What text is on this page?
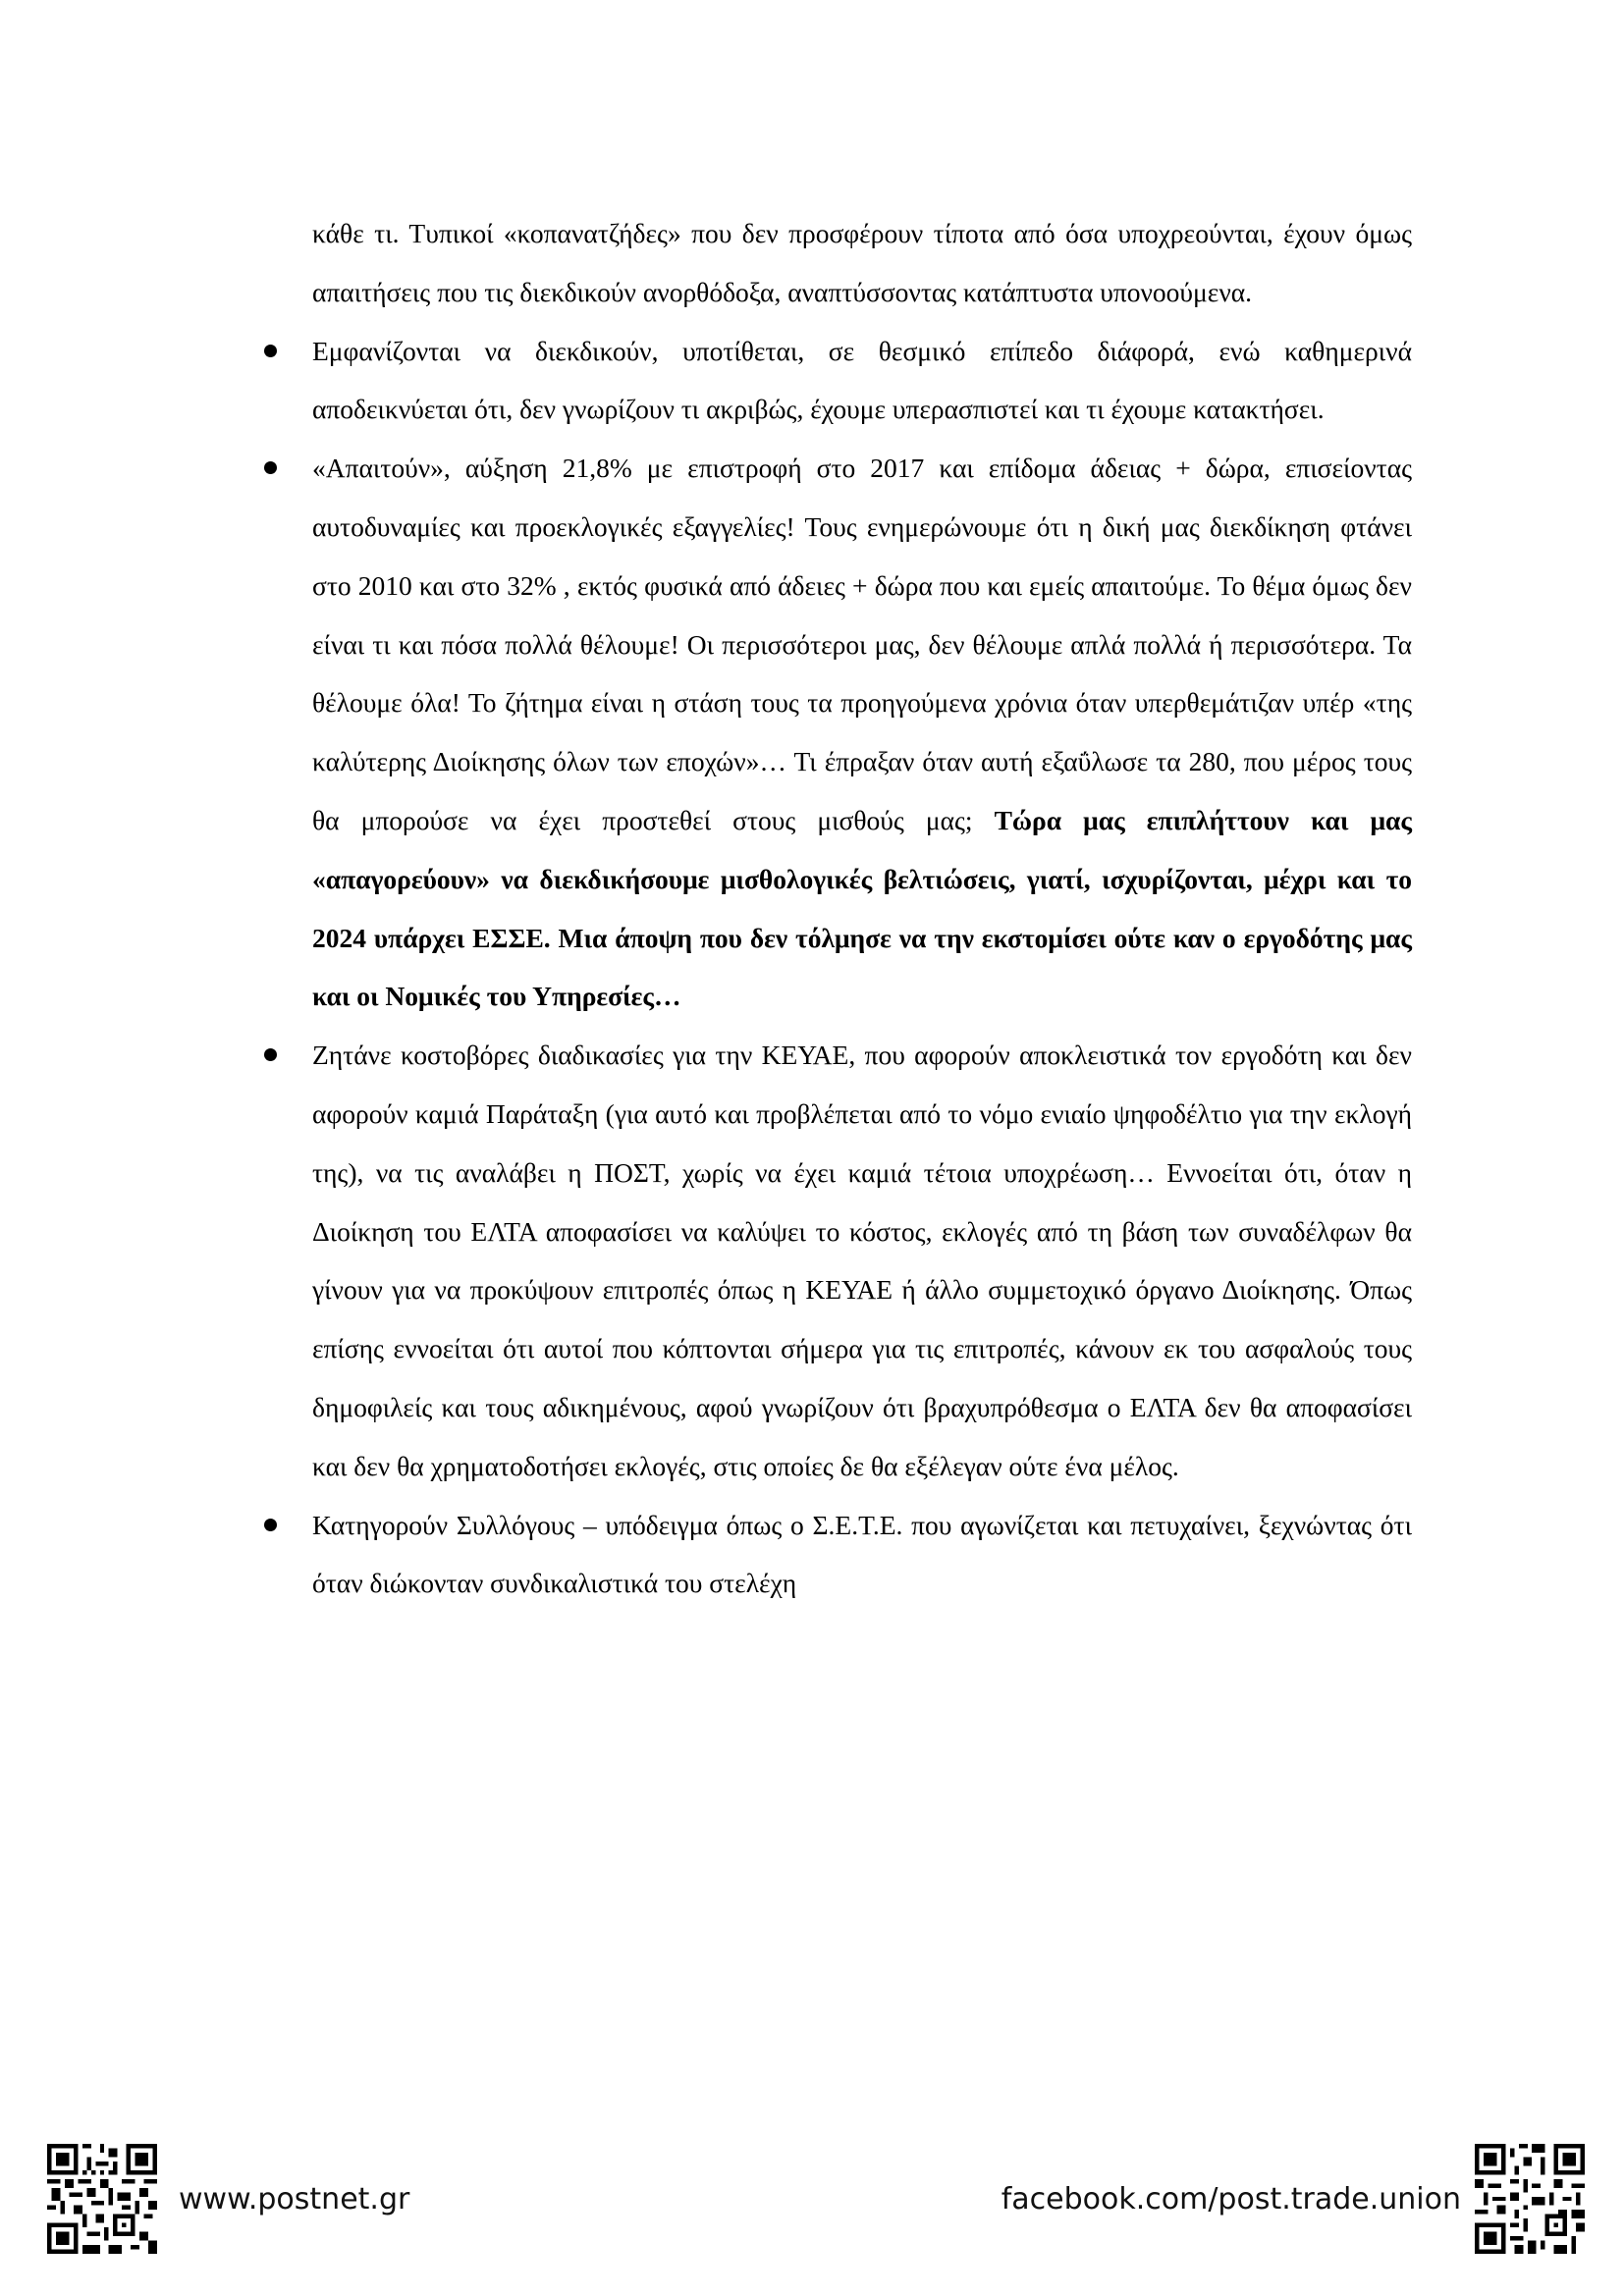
κάθε τι. Τυπικοί «κοπανατζήδες» που δεν προσφέρουν τίποτα από όσα υποχρεούνται, έχουν όμως απαιτήσεις που τις διεκδικούν ανορθόδοξα, αναπτύσσοντας κατάπτυστα υπονοούμενα.

Εμφανίζονται να διεκδικούν, υποτίθεται, σε θεσμικό επίπεδο διάφορά, ενώ καθημερινά αποδεικνύεται ότι, δεν γνωρίζουν τι ακριβώς, έχουμε υπερασπιστεί και τι έχουμε κατακτήσει.

«Απαιτούν», αύξηση 21,8% με επιστροφή στο 2017 και επίδομα άδειας + δώρα, επισείοντας αυτοδυναμίες και προεκλογικές εξαγγελίες! Τους ενημερώνουμε ότι η δική μας διεκδίκηση φτάνει στο 2010 και στο 32% , εκτός φυσικά από άδειες + δώρα που και εμείς απαιτούμε. Το θέμα όμως δεν είναι τι και πόσα πολλά θέλουμε! Οι περισσότεροι μας, δεν θέλουμε απλά πολλά ή περισσότερα. Τα θέλουμε όλα! Το ζήτημα είναι η στάση τους τα προηγούμενα χρόνια όταν υπερθεμάτιζαν υπέρ «της καλύτερης Διοίκησης όλων των εποχών»… Τι έπραξαν όταν αυτή εξαΰλωσε τα 280, που μέρος τους θα μπορούσε να έχει προστεθεί στους μισθούς μας; Τώρα μας επιπλήττουν και μας «απαγορεύουν» να διεκδικήσουμε μισθολογικές βελτιώσεις, γιατί, ισχυρίζονται, μέχρι και το 2024 υπάρχει ΕΣΣΕ. Μια άποψη που δεν τόλμησε να την εκστομίσει ούτε καν ο εργοδότης μας και οι Νομικές του Υπηρεσίες…

Ζητάνε κοστοβόρες διαδικασίες για την ΚΕΥΑΕ, που αφορούν αποκλειστικά τον εργοδότη και δεν αφορούν καμιά Παράταξη (για αυτό και προβλέπεται από το νόμο ενιαίο ψηφοδέλτιο για την εκλογή της), να τις αναλάβει η ΠΟΣΤ, χωρίς να έχει καμιά τέτοια υποχρέωση… Εννοείται ότι, όταν η Διοίκηση του ΕΛΤΑ αποφασίσει να καλύψει το κόστος, εκλογές από τη βάση των συναδέλφων θα γίνουν για να προκύψουν επιτροπές όπως η ΚΕΥΑΕ ή άλλο συμμετοχικό όργανο Διοίκησης. Όπως επίσης εννοείται ότι αυτοί που κόπτονται σήμερα για τις επιτροπές, κάνουν εκ του ασφαλούς τους δημοφιλείς και τους αδικημένους, αφού γνωρίζουν ότι βραχυπρόθεσμα ο ΕΛΤΑ δεν θα αποφασίσει και δεν θα χρηματοδοτήσει εκλογές, στις οποίες δε θα εξέλεγαν ούτε ένα μέλος.

Κατηγορούν Συλλόγους – υπόδειγμα όπως ο Σ.Ε.Τ.Ε. που αγωνίζεται και πετυχαίνει, ξεχνώντας ότι όταν διώκονταν συνδικαλιστικά του στελέχη

www.postnet.gr	facebook.com/post.trade.union
